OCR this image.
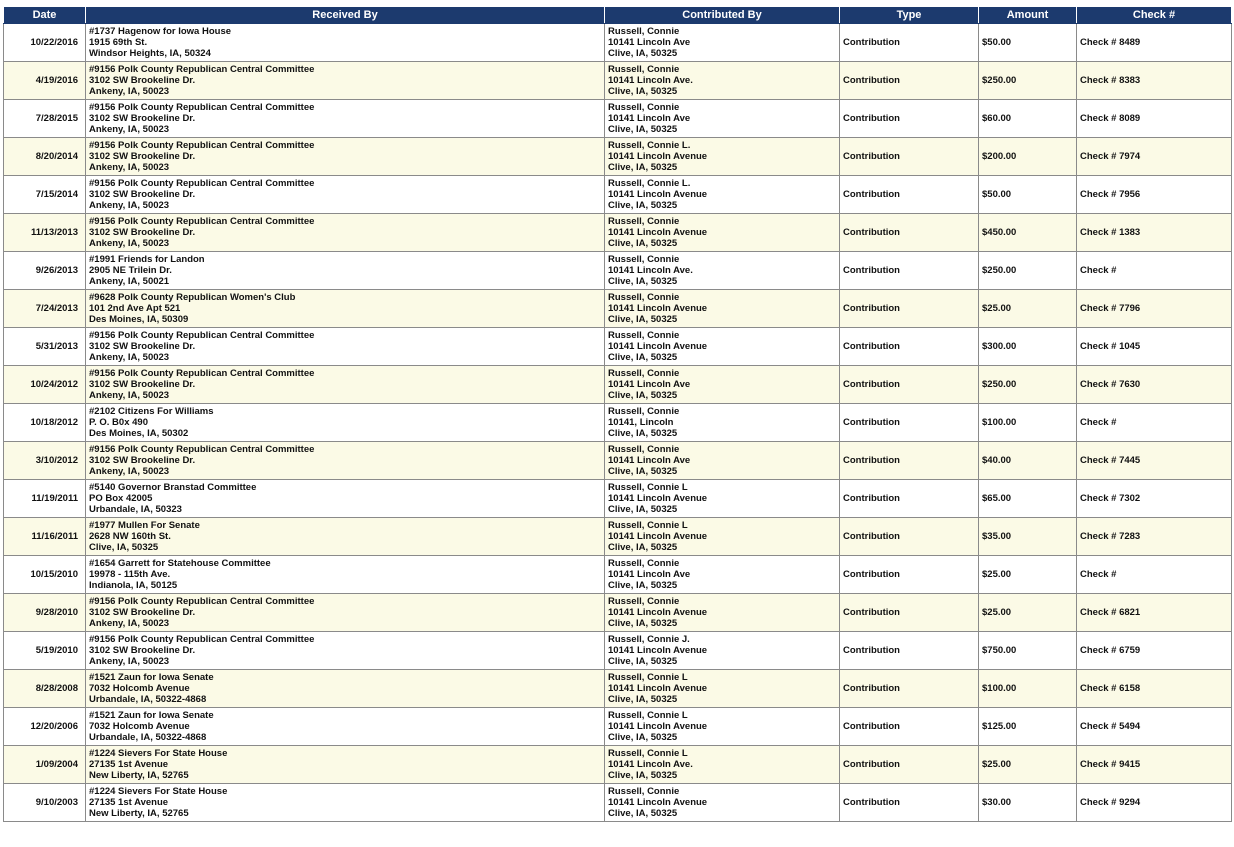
Date	Received By	Contributed By	Type	Amount	Check #
10/22/2016	#1737 Hagenow for Iowa House
1915 69th St.
Windsor Heights, IA, 50324	Russell, Connie
10141 Lincoln Ave
Clive, IA, 50325	Contribution	$50.00	Check # 8489
4/19/2016	#9156 Polk County Republican Central Committee
3102 SW Brookeline Dr.
Ankeny, IA, 50023	Russell, Connie
10141 Lincoln Ave.
Clive, IA, 50325	Contribution	$250.00	Check # 8383
7/28/2015	#9156 Polk County Republican Central Committee
3102 SW Brookeline Dr.
Ankeny, IA, 50023	Russell, Connie
10141 Lincoln Ave
Clive, IA, 50325	Contribution	$60.00	Check # 8089
8/20/2014	#9156 Polk County Republican Central Committee
3102 SW Brookeline Dr.
Ankeny, IA, 50023	Russell, Connie L.
10141 Lincoln Avenue
Clive, IA, 50325	Contribution	$200.00	Check # 7974
7/15/2014	#9156 Polk County Republican Central Committee
3102 SW Brookeline Dr.
Ankeny, IA, 50023	Russell, Connie L.
10141 Lincoln Avenue
Clive, IA, 50325	Contribution	$50.00	Check # 7956
11/13/2013	#9156 Polk County Republican Central Committee
3102 SW Brookeline Dr.
Ankeny, IA, 50023	Russell, Connie
10141 Lincoln Avenue
Clive, IA, 50325	Contribution	$450.00	Check # 1383
9/26/2013	#1991 Friends for Landon
2905 NE Trilein Dr.
Ankeny, IA, 50021	Russell, Connie
10141 Lincoln Ave.
Clive, IA, 50325	Contribution	$250.00	Check #
7/24/2013	#9628 Polk County Republican Women's Club
101 2nd Ave Apt 521
Des Moines, IA, 50309	Russell, Connie
10141 Lincoln Avenue
Clive, IA, 50325	Contribution	$25.00	Check # 7796
5/31/2013	#9156 Polk County Republican Central Committee
3102 SW Brookeline Dr.
Ankeny, IA, 50023	Russell, Connie
10141 Lincoln Avenue
Clive, IA, 50325	Contribution	$300.00	Check # 1045
10/24/2012	#9156 Polk County Republican Central Committee
3102 SW Brookeline Dr.
Ankeny, IA, 50023	Russell, Connie
10141 Lincoln Ave
Clive, IA, 50325	Contribution	$250.00	Check # 7630
10/18/2012	#2102 Citizens For Williams
P. O. B0x 490
Des Moines, IA, 50302	Russell, Connie
10141, Lincoln
Clive, IA, 50325	Contribution	$100.00	Check #
3/10/2012	#9156 Polk County Republican Central Committee
3102 SW Brookeline Dr.
Ankeny, IA, 50023	Russell, Connie
10141 Lincoln Ave
Clive, IA, 50325	Contribution	$40.00	Check # 7445
11/19/2011	#5140 Governor Branstad Committee
PO Box 42005
Urbandale, IA, 50323	Russell, Connie L
10141 Lincoln Avenue
Clive, IA, 50325	Contribution	$65.00	Check # 7302
11/16/2011	#1977 Mullen For Senate
2628 NW 160th St.
Clive, IA, 50325	Russell, Connie L
10141 Lincoln Avenue
Clive, IA, 50325	Contribution	$35.00	Check # 7283
10/15/2010	#1654 Garrett for Statehouse Committee
19978 - 115th Ave.
Indianola, IA, 50125	Russell, Connie
10141 Lincoln Ave
Clive, IA, 50325	Contribution	$25.00	Check #
9/28/2010	#9156 Polk County Republican Central Committee
3102 SW Brookeline Dr.
Ankeny, IA, 50023	Russell, Connie
10141 Lincoln Avenue
Clive, IA, 50325	Contribution	$25.00	Check # 6821
5/19/2010	#9156 Polk County Republican Central Committee
3102 SW Brookeline Dr.
Ankeny, IA, 50023	Russell, Connie J.
10141 Lincoln Avenue
Clive, IA, 50325	Contribution	$750.00	Check # 6759
8/28/2008	#1521 Zaun for Iowa Senate
7032 Holcomb Avenue
Urbandale, IA, 50322-4868	Russell, Connie L
10141 Lincoln Avenue
Clive, IA, 50325	Contribution	$100.00	Check # 6158
12/20/2006	#1521 Zaun for Iowa Senate
7032 Holcomb Avenue
Urbandale, IA, 50322-4868	Russell, Connie L
10141 Lincoln Avenue
Clive, IA, 50325	Contribution	$125.00	Check # 5494
1/09/2004	#1224 Sievers For State House
27135 1st Avenue
New Liberty, IA, 52765	Russell, Connie L
10141 Lincoln Ave.
Clive, IA, 50325	Contribution	$25.00	Check # 9415
9/10/2003	#1224 Sievers For State House
27135 1st Avenue
New Liberty, IA, 52765	Russell, Connie
10141 Lincoln Avenue
Clive, IA, 50325	Contribution	$30.00	Check # 9294
